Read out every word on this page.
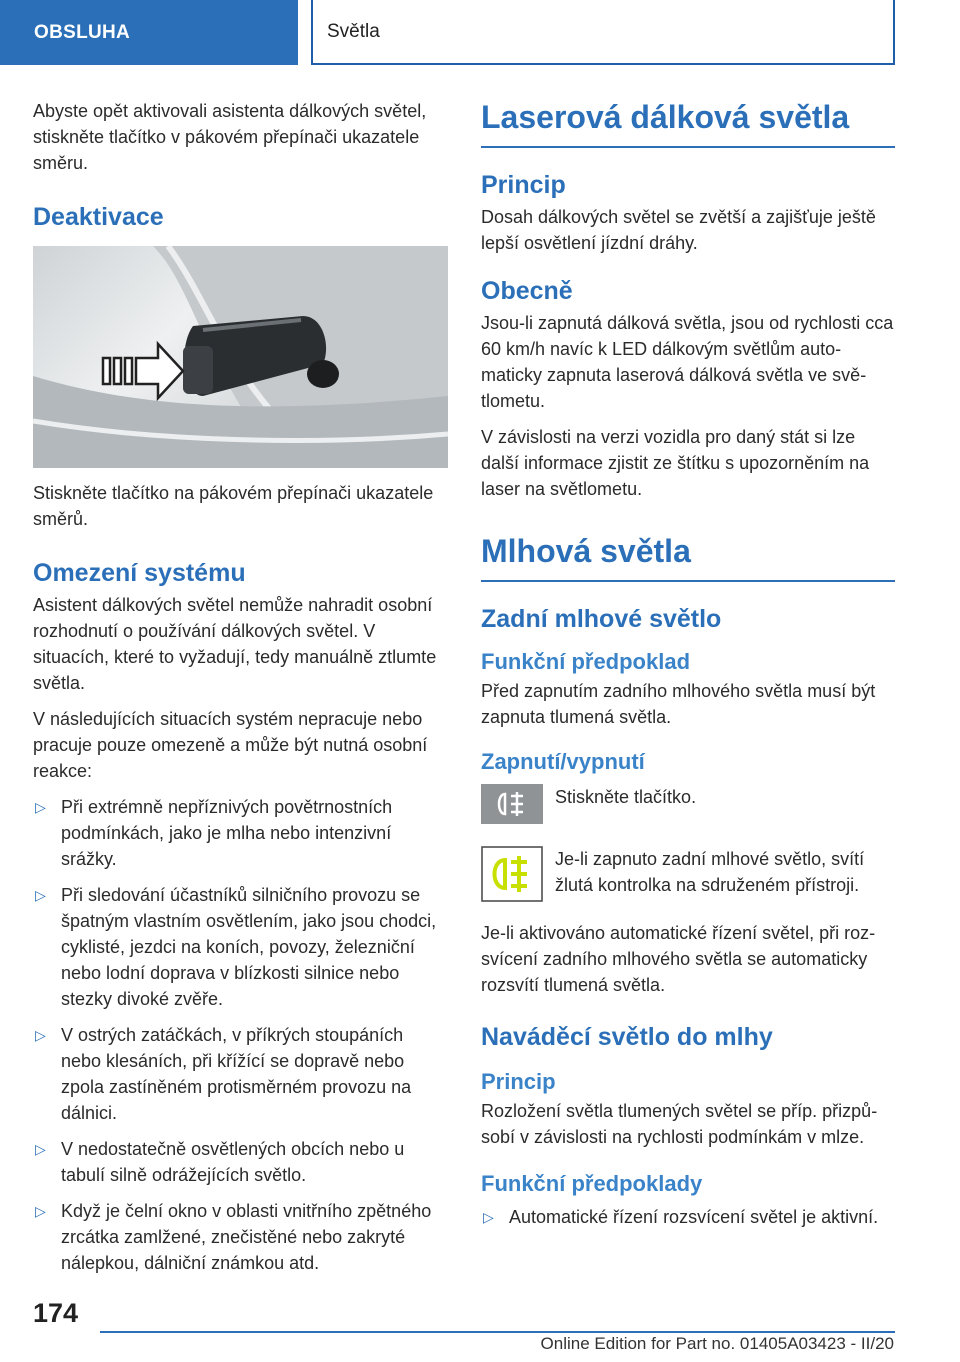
OBSLUHA	Světla

Abyste opět aktivovali asistenta dálkových světel, stiskněte tlačítko v pákovém přepínači ukazatele směru.

Deaktivace

Stiskněte tlačítko na pákovém přepínači ukazatele směrů.

Omezení systému

Asistent dálkových světel nemůže nahradit osobní rozhodnutí o používání dálkových světel. V situacích, které to vyžadují, tedy manuálně ztlumte světla.

V následujících situacích systém nepracuje nebo pracuje pouze omezeně a může být nutná osobní reakce:

▷ Při extrémně nepříznivých povětrnostních podmínkách, jako je mlha nebo intenzivní srážky.
▷ Při sledování účastníků silničního provozu se špatným vlastním osvětlením, jako jsou chodci, cyklisté, jezdci na koních, povozy, železniční nebo lodní doprava v blízkosti silnice nebo stezky divoké zvěře.
▷ V ostrých zatáčkách, v příkrých stoupáních nebo klesáních, při křížící se dopravě nebo zpola zastíněném protisměrném provozu na dálnici.
▷ V nedostatečně osvětlených obcích nebo u tabulí silně odrážejících světlo.
▷ Když je čelní okno v oblasti vnitřního zpětného zrcátka zamlžené, znečistěné nebo zakryté nálepkou, dálniční známkou atd.
Laserová dálková světla
Princip

Dosah dálkových světel se zvětší a zajišťuje ještě lepší osvětlení jízdní dráhy.

Obecně

Jsou-li zapnutá dálková světla, jsou od rychlosti cca 60 km/h navíc k LED dálkovým světlům automaticky zapnuta laserová dálková světla ve světlometu.

V závislosti na verzi vozidla pro daný stát si lze další informace zjistit ze štítku s upozorněním na laser na světlometu.

Mlhová světla
Zadní mlhové světlo
Funkční předpoklad

Před zapnutím zadního mlhového světla musí být zapnuta tlumená světla.

Zapnutí/vypnutí

Stiskněte tlačítko.

Je-li zapnuto zadní mlhové světlo, svítí žlutá kontrolka na sdruženém přístroji.

Je-li aktivováno automatické řízení světel, při rozsvícení zadního mlhového světla se automaticky rozsvítí tlumená světla.

Naváděcí světlo do mlhy
Princip

Rozložení světla tlumených světel se příp. přizpůsobí v závislosti na rychlosti podmínkám v mlze.

Funkční předpoklady
▷ Automatické řízení rozsvícení světel je aktivní.
174
Online Edition for Part no. 01405A03423 - II/20
